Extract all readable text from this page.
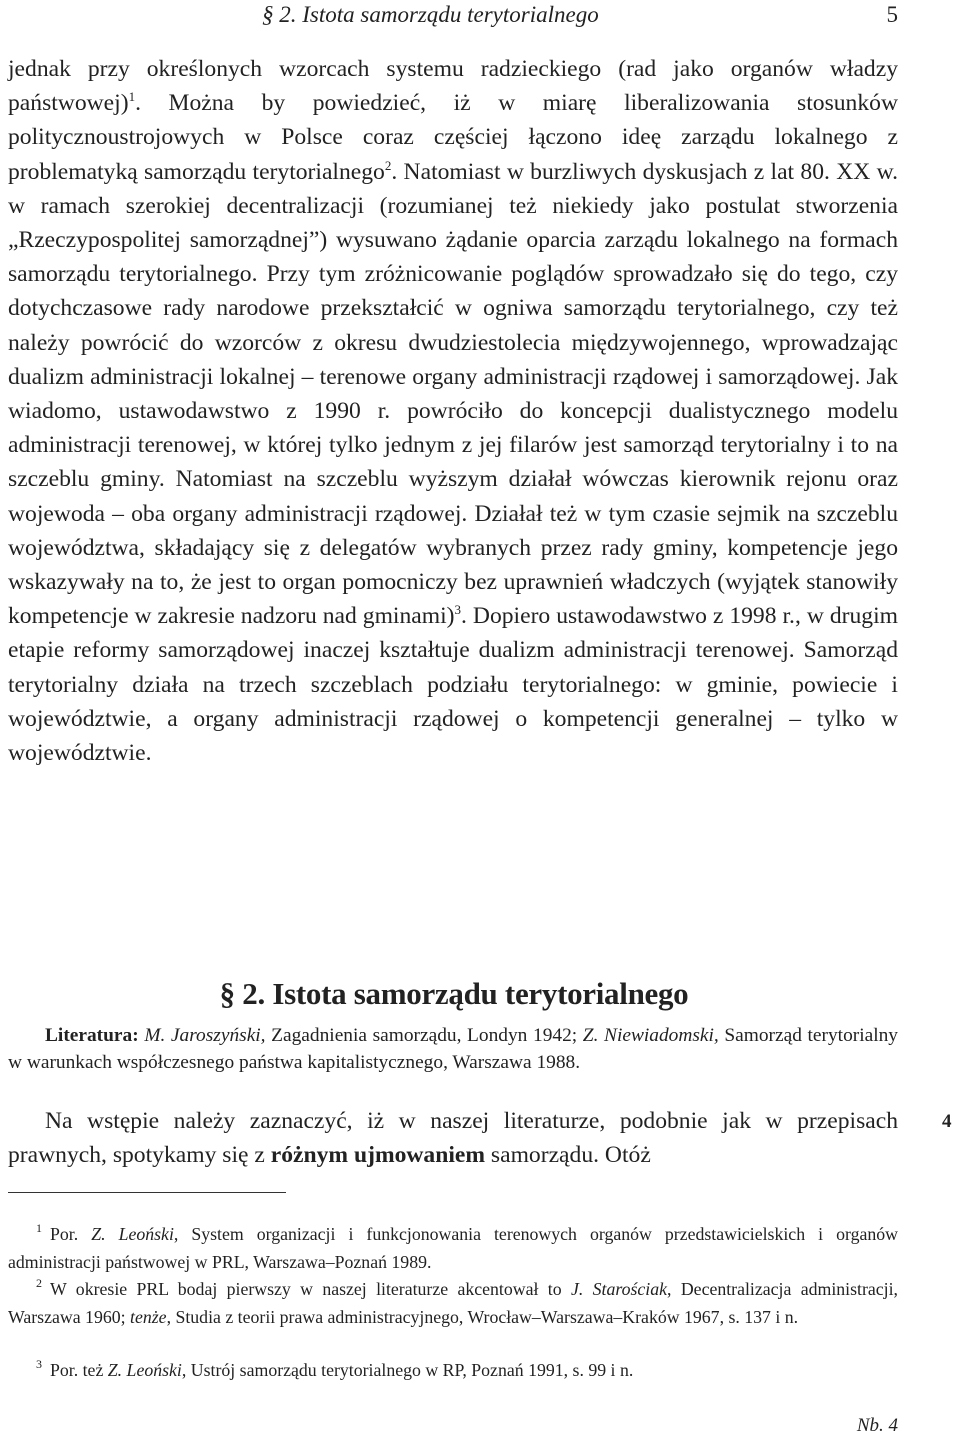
§ 2. Istota samorządu terytorialnego	5

jednak przy określonych wzorcach systemu radzieckiego (rad jako organów władzy państwowej)$^1$. Można by powiedzieć, iż w miarę liberalizowania stosunków politycznoustrojowych w Polsce coraz częściej łączono ideę zarządu lokalnego z problematyką samorządu terytorialnego$^2$. Natomiast w burzliwych dyskusjach z lat 80. XX w. w ramach szerokiej decentralizacji (rozumianej też niekiedy jako postulat stworzenia „Rzeczypospolitej samorządnej”) wysuwano żądanie oparcia zarządu lokalnego na formach samorządu terytorialnego. Przy tym zróżnicowanie poglądów sprowadzało się do tego, czy dotychczasowe rady narodowe przekształcić w ogniwa samorządu terytorialnego, czy też należy powrócić do wzorców z okresu dwudziestolecia międzywojennego, wprowadzając dualizm administracji lokalnej – terenowe organy administracji rządowej i samorządowej. Jak wiadomo, ustawodawstwo z 1990 r. powróciło do koncepcji dualistycznego modelu administracji terenowej, w której tylko jednym z jej filarów jest samorząd terytorialny i to na szczeblu gminy. Natomiast na szczeblu wyższym działał wówczas kierownik rejonu oraz wojewoda – oba organy administracji rządowej. Działał też w tym czasie sejmik na szczeblu województwa, składający się z delegatów wybranych przez rady gminy, kompetencje jego wskazywały na to, że jest to organ pomocniczy bez uprawnień władczych (wyjątek stanowiły kompetencje w zakresie nadzoru nad gminami)$^3$. Dopiero ustawodawstwo z 1998 r., w drugim etapie reformy samorządowej inaczej kształtuje dualizm administracji terenowej. Samorząd terytorialny działa na trzech szczeblach podziału terytorialnego: w gminie, powiecie i województwie, a organy administracji rządowej o kompetencji generalnej – tylko w województwie.

§ 2. Istota samorządu terytorialnego

Literatura: M. Jaroszyński, Zagadnienia samorządu, Londyn 1942; Z. Niewiadomski, Samorząd terytorialny w warunkach współczesnego państwa kapitalistycznego, Warszawa 1988.

Na wstępie należy zaznaczyć, iż w naszej literaturze, podobnie jak w przepisach prawnych, spotykamy się z różnym ujmowaniem samorządu. Otóż

4

$^1$ Por. Z. Leoński, System organizacji i funkcjonowania terenowych organów przedstawicielskich i organów administracji państwowej w PRL, Warszawa–Poznań 1989.

$^2$ W okresie PRL bodaj pierwszy w naszej literaturze akcentował to J. Starościak, Decentralizacja administracji, Warszawa 1960; tenże, Studia z teorii prawa administracyjnego, Wrocław–Warszawa–Kraków 1967, s. 137 i n.

$^3$ Por. też Z. Leoński, Ustrój samorządu terytorialnego w RP, Poznań 1991, s. 99 i n.

Nb. 4
